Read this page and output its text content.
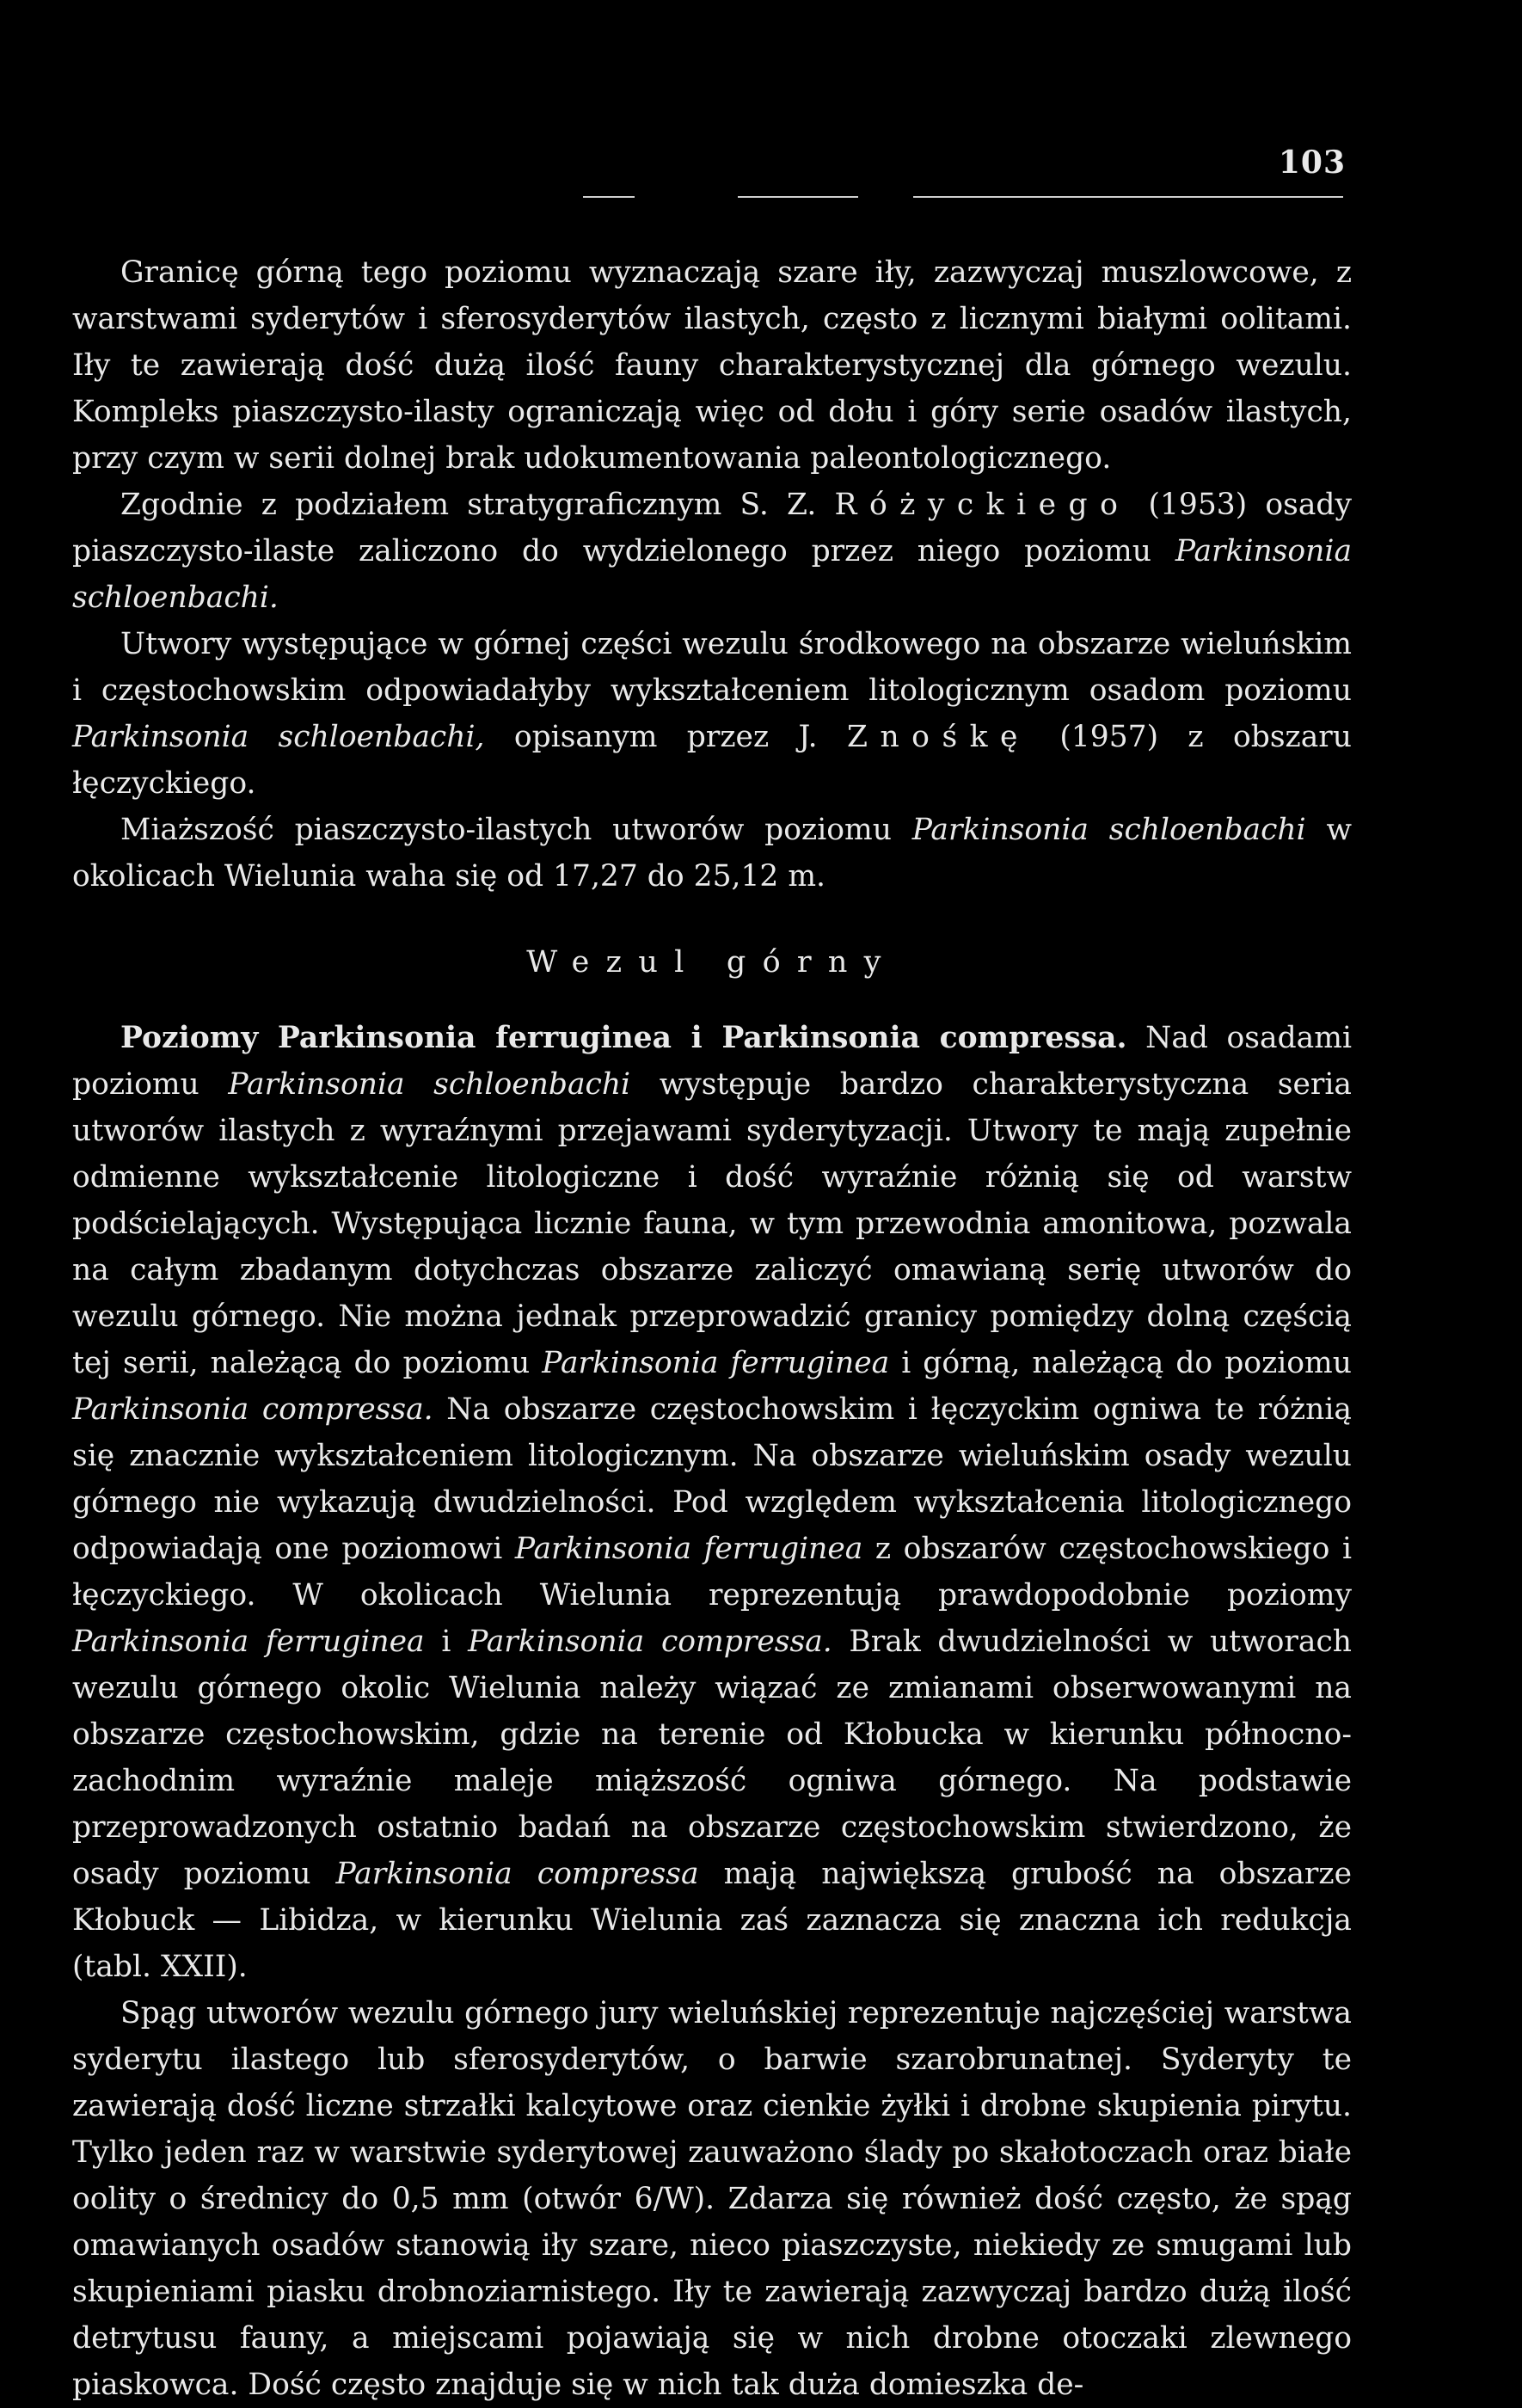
103

Granicę górną tego poziomu wyznaczają szare iły, zazwyczaj muszlowcowe, z warstwami syderytów i sferosyderytów ilastych, często z licznymi białymi oolitami. Iły te zawierają dość dużą ilość fauny charakterystycznej dla górnego wezulu. Kompleks piaszczysto-ilasty ograniczają więc od dołu i góry serie osadów ilastych, przy czym w serii dolnej brak udokumentowania paleontologicznego.

Zgodnie z podziałem stratygraficznym S. Z. Różyckiego (1953) osady piaszczysto-ilaste zaliczono do wydzielonego przez niego poziomu Parkinsonia schloenbachi.

Utwory występujące w górnej części wezulu środkowego na obszarze wieluńskim i częstochowskim odpowiadałyby wykształceniem litologicznym osadom poziomu Parkinsonia schloenbachi, opisanym przez J. Znośkę (1957) z obszaru łęczyckiego.

Miaższość piaszczysto-ilastych utworów poziomu Parkinsonia schloenbachi w okolicach Wielunia waha się od 17,27 do 25,12 m.

Wezul górny

Poziomy Parkinsonia ferruginea i Parkinsonia compressa. Nad osadami poziomu Parkinsonia schloenbachi występuje bardzo charakterystyczna seria utworów ilastych z wyraźnymi przejawami syderytyzacji. Utwory te mają zupełnie odmienne wykształcenie litologiczne i dość wyraźnie różnią się od warstw podścielających. Występująca licznie fauna, w tym przewodnia amonitowa, pozwala na całym zbadanym dotychczas obszarze zaliczyć omawianą serię utworów do wezulu górnego. Nie można jednak przeprowadzić granicy pomiędzy dolną częścią tej serii, należącą do poziomu Parkinsonia ferruginea i górną, należącą do poziomu Parkinsonia compressa. Na obszarze częstochowskim i łęczyckim ogniwa te różnią się znacznie wykształceniem litologicznym. Na obszarze wieluńskim osady wezulu górnego nie wykazują dwudzielności. Pod względem wykształcenia litologicznego odpowiadają one poziomowi Parkinsonia ferruginea z obszarów częstochowskiego i łęczyckiego. W okolicach Wielunia reprezentują prawdopodobnie poziomy Parkinsonia ferruginea i Parkinsonia compressa. Brak dwudzielności w utworach wezulu górnego okolic Wielunia należy wiązać ze zmianami obserwowanymi na obszarze częstochowskim, gdzie na terenie od Kłobucka w kierunku północno-zachodnim wyraźnie maleje miąższość ogniwa górnego. Na podstawie przeprowadzonych ostatnio badań na obszarze częstochowskim stwierdzono, że osady poziomu Parkinsonia compressa mają największą grubość na obszarze Kłobuck — Libidza, w kierunku Wielunia zaś zaznacza się znaczna ich redukcja (tabl. XXII).

Spąg utworów wezulu górnego jury wieluńskiej reprezentuje najczęściej warstwa syderytu ilastego lub sferosyderytów, o barwie szarobrunatnej. Syderyty te zawierają dość liczne strzałki kalcytowe oraz cienkie żyłki i drobne skupienia pirytu. Tylko jeden raz w warstwie syderytowej zauważono ślady po skałotoczach oraz białe oolity o średnicy do 0,5 mm (otwór 6/W). Zdarza się również dość często, że spąg omawianych osadów stanowią iły szare, nieco piaszczyste, niekiedy ze smugami lub skupieniami piasku drobnoziarnistego. Iły te zawierają zazwyczaj bardzo dużą ilość detrytusu fauny, a miejscami pojawiają się w nich drobne otoczaki zlewnego piaskowca. Dość często znajduje się w nich tak duża domieszka de-
